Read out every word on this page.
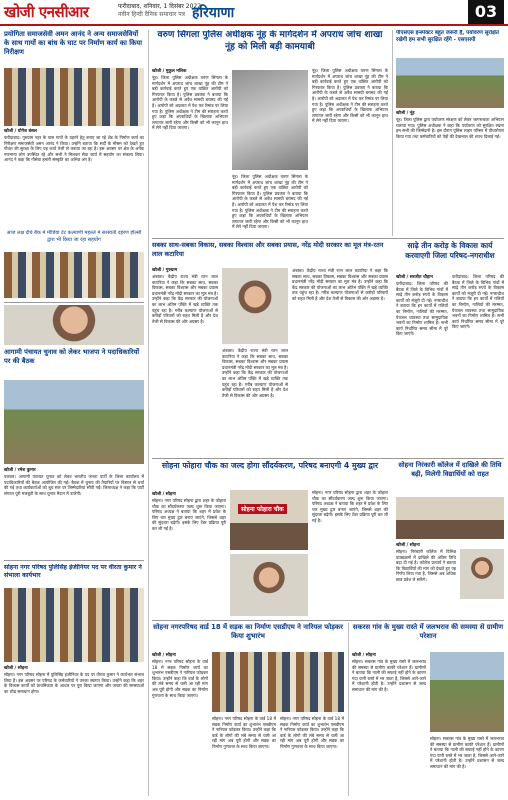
खोजी एनसीआर	फरीदाबाद, शनिवार, 1 दिसंबर 2022
नवीन हिन्दी दैनिक समाचार पत्र हरियाणा	03
प्रयोगिता समाजसेवी अमन आनंद ने अन्य समाजसेवियों के साथ गायों का बांध के घाट पर निर्माण कार्य का किया निरीक्षण
खोजी / योगेश बंसल
फरीदाबाद। गुरुग्राम नहर के पास गायों के ठहरने हेतु बनाए जा रहे शेड के निर्माण कार्य का निरीक्षण समाजसेवी अमन आनंद ने किया। उन्होंने बताया कि सर्दी के मौसम को देखते हुए गौवंश की सुरक्षा के लिए यह कार्य तेजी से कराया जा रहा है। इस अवसर पर क्षेत्र के अनेक गणमान्य लोग उपस्थित रहे और सभी ने मिलकर सेवा कार्य में सहयोग का संकल्प लिया। आनंद ने कहा कि गौसेवा हमारी संस्कृति का अभिन्न अंग है।
आज लक्ष दीर्घ बैंक मे मीडिया टेंट कल्याणी महल्ले मे सरस्वती दहरण हॉल्सी द्वारा भी किया जा रहा सहयोग
आगामी पंचायत चुनाव को लेकर भाजपा ने पदाधिकारियों पर की बैठक
खोजी / रमेश कुमार
पलवल। आगामी पंचायत चुनाव को लेकर भारतीय जनता पार्टी के जिला कार्यालय में पदाधिकारियों की बैठक आयोजित की गई। बैठक में चुनाव की तैयारियों पर विस्तार से चर्चा की गई तथा कार्यकर्ताओं को बूथ स्तर पर जिम्मेदारियां सौंपी गईं। जिलाध्यक्ष ने कहा कि पार्टी संगठन पूरी मजबूती के साथ चुनाव मैदान में उतरेगी।
सोहना नगर परिषद पुलिसिंह इंजीनियर पद पर वीरता कुमार ने संभाला कार्यभार
खोजी / सोहना
सोहना। नगर परिषद सोहना में पुलिसिंह इंजीनियर के पद पर वीरता कुमार ने कार्यभार संभाल लिया है। इस अवसर पर परिषद के कर्मचारियों ने उनका स्वागत किया। उन्होंने कहा कि शहर के विकास कार्यों को प्राथमिकता के आधार पर पूरा किया जाएगा और जनता की समस्याओं का शीघ्र समाधान होगा।
वरुण सिंगला पुलिस अधीक्षक नूंह के मार्गदर्शन में अपराध जांच शाखा नूंह को मिली बड़ी कामयाबी
खोजी / मुकुल मलिक
नूंह। जिला पुलिस अधीक्षक वरुण सिंगला के मार्गदर्शन में अपराध जांच शाखा नूंह की टीम ने बड़ी कार्रवाई करते हुए एक वांछित आरोपी को गिरफ्तार किया है। पुलिस प्रवक्ता ने बताया कि आरोपी के कब्जे से अवैध सामग्री बरामद की गई है। आरोपी को अदालत में पेश कर रिमांड पर लिया गया है। पुलिस अधीक्षक ने टीम की सराहना करते हुए कहा कि अपराधियों के खिलाफ अभियान लगातार जारी रहेगा और किसी को भी कानून हाथ में लेने नहीं दिया जाएगा।
नूंह। जिला पुलिस अधीक्षक वरुण सिंगला के मार्गदर्शन में अपराध जांच शाखा नूंह की टीम ने बड़ी कार्रवाई करते हुए एक वांछित आरोपी को गिरफ्तार किया है। पुलिस प्रवक्ता ने बताया कि आरोपी के कब्जे से अवैध सामग्री बरामद की गई है। आरोपी को अदालत में पेश कर रिमांड पर लिया गया है। पुलिस अधीक्षक ने टीम की सराहना करते हुए कहा कि अपराधियों के खिलाफ अभियान लगातार जारी रहेगा और किसी को भी कानून हाथ में लेने नहीं दिया जाएगा।
नूंह। जिला पुलिस अधीक्षक वरुण सिंगला के मार्गदर्शन में अपराध जांच शाखा नूंह की टीम ने बड़ी कार्रवाई करते हुए एक वांछित आरोपी को गिरफ्तार किया है। पुलिस प्रवक्ता ने बताया कि आरोपी के कब्जे से अवैध सामग्री बरामद की गई है। आरोपी को अदालत में पेश कर रिमांड पर लिया गया है। पुलिस अधीक्षक ने टीम की सराहना करते हुए कहा कि अपराधियों के खिलाफ अभियान लगातार जारी रहेगा और किसी को भी कानून हाथ में लेने नहीं दिया जाएगा।
पीएसएस इन्स्पेक्टर बहुत जरूरी है, पर्यावरण सुरक्षित रखेगी हम सभी सुरक्षित रहेंगे - एसएसपी
खोजी / नूंह
नूंह। जिला पुलिस द्वारा पर्यावरण संरक्षण को लेकर जागरूकता अभियान चलाया गया। पुलिस अधीक्षक ने कहा कि पर्यावरण को सुरक्षित रखना हम सभी की जिम्मेदारी है। इस दौरान पुलिस लाइन परिसर में पौधारोपण किया गया तथा कर्मचारियों को पेड़ों की देखभाल की शपथ दिलाई गई।
सबका साथ-सबका विकास, सबका विश्वास और सबका प्रयास, नरेंद्र मोदी सरकार का मूल मंत्र-रतन लाल कटारिया
खोजी / गुरुग्राम
अंबाला। केंद्रीय राज्य मंत्री रतन लाल कटारिया ने कहा कि सबका साथ, सबका विकास, सबका विश्वास और सबका प्रयास प्रधानमंत्री नरेंद्र मोदी सरकार का मूल मंत्र है। उन्होंने कहा कि केंद्र सरकार की योजनाओं का लाभ अंतिम पंक्ति में खड़े व्यक्ति तक पहुंच रहा है। गरीब कल्याण योजनाओं से करोड़ों परिवारों को राहत मिली है और देश तेजी से विकास की ओर अग्रसर है।
अंबाला। केंद्रीय राज्य मंत्री रतन लाल कटारिया ने कहा कि सबका साथ, सबका विकास, सबका विश्वास और सबका प्रयास प्रधानमंत्री नरेंद्र मोदी सरकार का मूल मंत्र है। उन्होंने कहा कि केंद्र सरकार की योजनाओं का लाभ अंतिम पंक्ति में खड़े व्यक्ति तक पहुंच रहा है। गरीब कल्याण योजनाओं से करोड़ों परिवारों को राहत मिली है और देश तेजी से विकास की ओर अग्रसर है।
अंबाला। केंद्रीय राज्य मंत्री रतन लाल कटारिया ने कहा कि सबका साथ, सबका विकास, सबका विश्वास और सबका प्रयास प्रधानमंत्री नरेंद्र मोदी सरकार का मूल मंत्र है। उन्होंने कहा कि केंद्र सरकार की योजनाओं का लाभ अंतिम पंक्ति में खड़े व्यक्ति तक पहुंच रहा है। गरीब कल्याण योजनाओं से करोड़ों परिवारों को राहत मिली है और देश तेजी से विकास की ओर अग्रसर है।
साढ़े तीन करोड़ के विकास कार्य करवाएगी जिला परिषद-नगराधीश
खोजी / सरजीत चौहान
फरीदाबाद। जिला परिषद की बैठक में जिले के विभिन्न गांवों में साढ़े तीन करोड़ रुपये के विकास कार्यों को मंजूरी दी गई। नगराधीश ने बताया कि इन कार्यों में गलियों का निर्माण, नालियों की मरम्मत, पेयजल व्यवस्था तथा सामुदायिक भवनों का निर्माण शामिल है। सभी कार्य निर्धारित समय सीमा में पूरे किए जाएंगे।
फरीदाबाद। जिला परिषद की बैठक में जिले के विभिन्न गांवों में साढ़े तीन करोड़ रुपये के विकास कार्यों को मंजूरी दी गई। नगराधीश ने बताया कि इन कार्यों में गलियों का निर्माण, नालियों की मरम्मत, पेयजल व्यवस्था तथा सामुदायिक भवनों का निर्माण शामिल है। सभी कार्य निर्धारित समय सीमा में पूरे किए जाएंगे।
सोहना फोहारा चौक का जल्द होगा सौंदर्यकरण, परिषद बनाएगी 4 मुख्य द्वार
खोजी / सोहना
सोहना। नगर परिषद सोहना द्वारा शहर के फोहारा चौक का सौंदर्यकरण जल्द शुरू किया जाएगा। परिषद अध्यक्ष ने बताया कि शहर में प्रवेश के लिए चार मुख्य द्वार बनाए जाएंगे, जिससे शहर की सुंदरता बढ़ेगी। इसके लिए टेंडर प्रक्रिया पूरी कर ली गई है।
सोहना फोहारा चौक
सोहना। नगर परिषद सोहना द्वारा शहर के फोहारा चौक का सौंदर्यकरण जल्द शुरू किया जाएगा। परिषद अध्यक्ष ने बताया कि शहर में प्रवेश के लिए चार मुख्य द्वार बनाए जाएंगे, जिससे शहर की सुंदरता बढ़ेगी। इसके लिए टेंडर प्रक्रिया पूरी कर ली गई है।
सोहना निरंकारी कॉलेज में दाखिले की तिथि बढ़ी, मिलेगी विद्यार्थियों को राहत
खोजी / सोहना
सोहना। निरंकारी कॉलेज में विभिन्न पाठ्यक्रमों में दाखिले की अंतिम तिथि बढ़ा दी गई है। कॉलेज प्राचार्य ने बताया कि विद्यार्थियों की मांग को देखते हुए यह निर्णय लिया गया है, जिससे अब अधिक छात्र प्रवेश ले सकेंगे।
सोहना नगरपरिषद वार्ड 18 में सड़क का निर्माण एसडीएम ने नारियल फोड़कर किया शुभारंभ
खोजी / सोहना
सोहना। नगर परिषद सोहना के वार्ड 18 में सड़क निर्माण कार्य का शुभारंभ एसडीएम ने नारियल फोड़कर किया। उन्होंने कहा कि वार्ड के लोगों की लंबे समय से चली आ रही मांग अब पूरी होगी और सड़क का निर्माण गुणवत्ता के साथ किया जाएगा।
सोहना। नगर परिषद सोहना के वार्ड 18 में सड़क निर्माण कार्य का शुभारंभ एसडीएम ने नारियल फोड़कर किया। उन्होंने कहा कि वार्ड के लोगों की लंबे समय से चली आ रही मांग अब पूरी होगी और सड़क का निर्माण गुणवत्ता के साथ किया जाएगा।
सोहना। नगर परिषद सोहना के वार्ड 18 में सड़क निर्माण कार्य का शुभारंभ एसडीएम ने नारियल फोड़कर किया। उन्होंने कहा कि वार्ड के लोगों की लंबे समय से चली आ रही मांग अब पूरी होगी और सड़क का निर्माण गुणवत्ता के साथ किया जाएगा।
सकरस गांव के मुख्य रास्ते में जलभराव की समस्या से ग्रामीण परेशान
खोजी / सोहना
सोहना। सकरस गांव के मुख्य रास्ते में जलभराव की समस्या से ग्रामीण काफी परेशान हैं। ग्रामीणों ने बताया कि नाली की सफाई नहीं होने के कारण गंदा पानी रास्ते में भर जाता है, जिससे आने-जाने में परेशानी होती है। उन्होंने प्रशासन से जल्द समाधान की मांग की है।
सोहना। सकरस गांव के मुख्य रास्ते में जलभराव की समस्या से ग्रामीण काफी परेशान हैं। ग्रामीणों ने बताया कि नाली की सफाई नहीं होने के कारण गंदा पानी रास्ते में भर जाता है, जिससे आने-जाने में परेशानी होती है। उन्होंने प्रशासन से जल्द समाधान की मांग की है।
